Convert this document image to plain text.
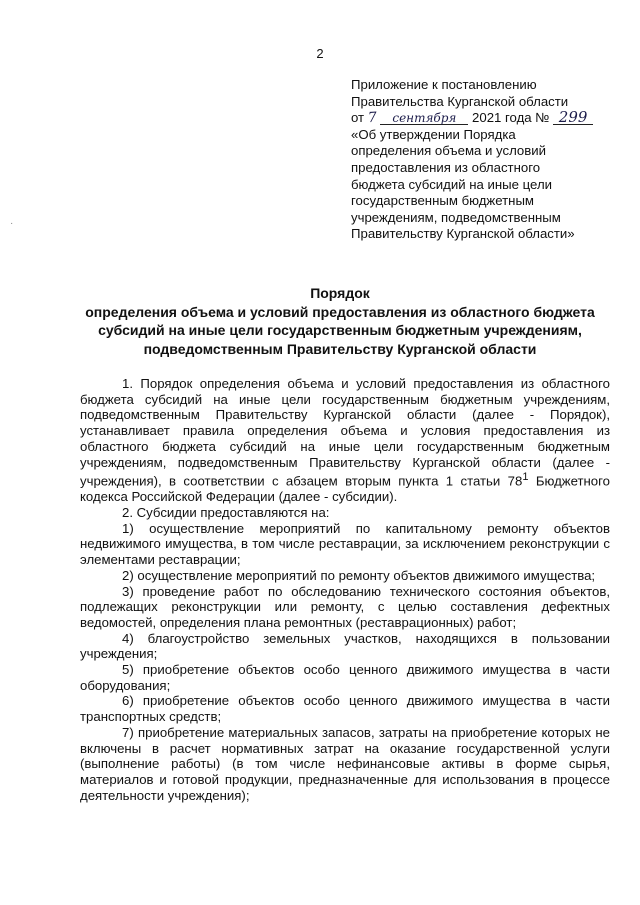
2
·
Приложение к постановлению
Правительства Курганской области
от 7 сентября 2021 года № 299
«Об утверждении Порядка
определения объема и условий
предоставления из областного
бюджета субсидий на иные цели
государственным бюджетным
учреждениям, подведомственным
Правительству Курганской области»
Порядок
определения объема и условий предоставления из областного бюджета
субсидий на иные цели государственным бюджетным учреждениям,
подведомственным Правительству Курганской области

1. Порядок определения объема и условий предоставления из областного бюджета субсидий на иные цели государственным бюджетным учреждениям, подведомственным Правительству Курганской области (далее - Порядок), устанавливает правила определения объема и условия предоставления из областного бюджета субсидий на иные цели государственным бюджетным учреждениям, подведомственным Правительству Курганской области (далее - учреждения), в соответствии с абзацем вторым пункта 1 статьи $78^1$ Бюджетного кодекса Российской Федерации (далее - субсидии).

2. Субсидии предоставляются на:

1) осуществление мероприятий по капитальному ремонту объектов недвижимого имущества, в том числе реставрации, за исключением реконструкции с элементами реставрации;

2) осуществление мероприятий по ремонту объектов движимого имущества;

3) проведение работ по обследованию технического состояния объектов, подлежащих реконструкции или ремонту, с целью составления дефектных ведомостей, определения плана ремонтных (реставрационных) работ;

4) благоустройство земельных участков, находящихся в пользовании учреждения;

5) приобретение объектов особо ценного движимого имущества в части оборудования;

6) приобретение объектов особо ценного движимого имущества в части транспортных средств;

7) приобретение материальных запасов, затраты на приобретение которых не включены в расчет нормативных затрат на оказание государственной услуги (выполнение работы) (в том числе нефинансовые активы в форме сырья, материалов и готовой продукции, предназначенные для использования в процессе деятельности учреждения);
